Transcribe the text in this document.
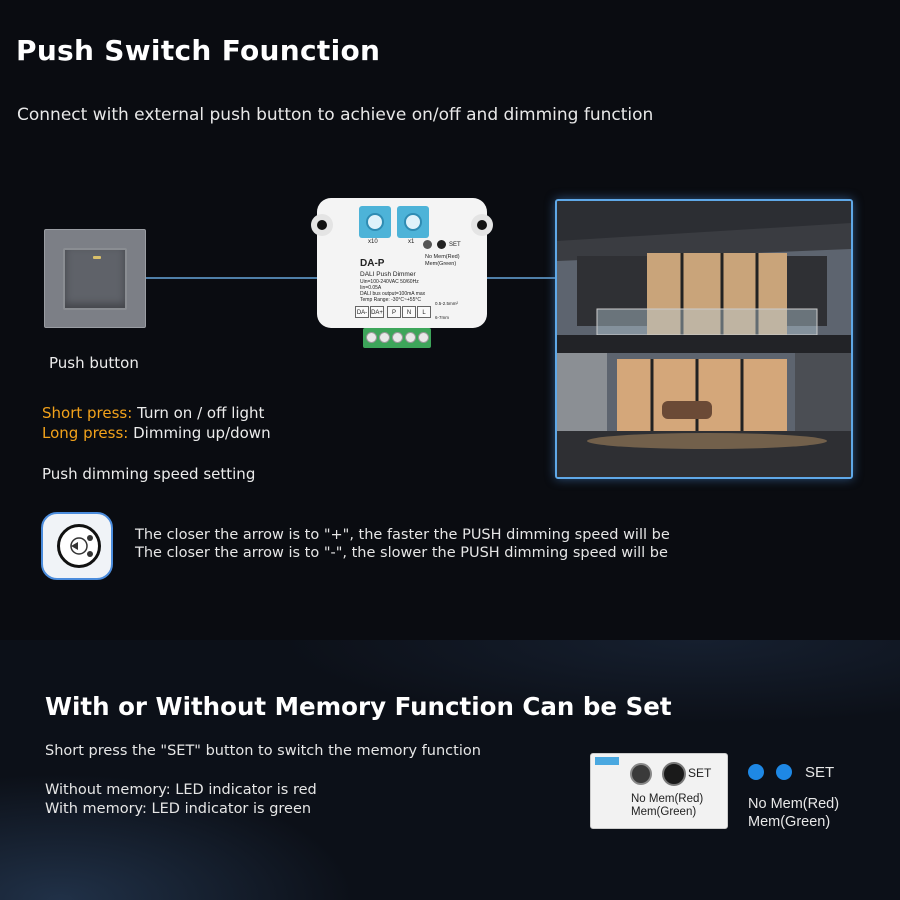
Push Switch Founction
Connect with external push button to achieve on/off and dimming function
Push button
Short press: Turn on / off light
Long press: Dimming up/down
Push dimming speed setting
x10	x1	SET
No Mem(Red)
Mem(Green)
DA-P
DALI Push Dimmer
Uin=100-240VAC 50/60Hz
Iin=0.05A
DALI bus output=100mA max
Temp Range: -30°C~+55°C
0.5-2.5mm²
6-7mm
DA- DA+	P	N	L
The closer the arrow is to "+", the faster the PUSH dimming speed will be
The closer the arrow is to "-", the slower the PUSH dimming speed will be
With or Without Memory Function Can be Set
Short press the "SET" button to switch the memory function
Without memory: LED indicator is red
With memory: LED indicator is green
SET
No Mem(Red)
Mem(Green)
SET
No Mem(Red)
Mem(Green)
